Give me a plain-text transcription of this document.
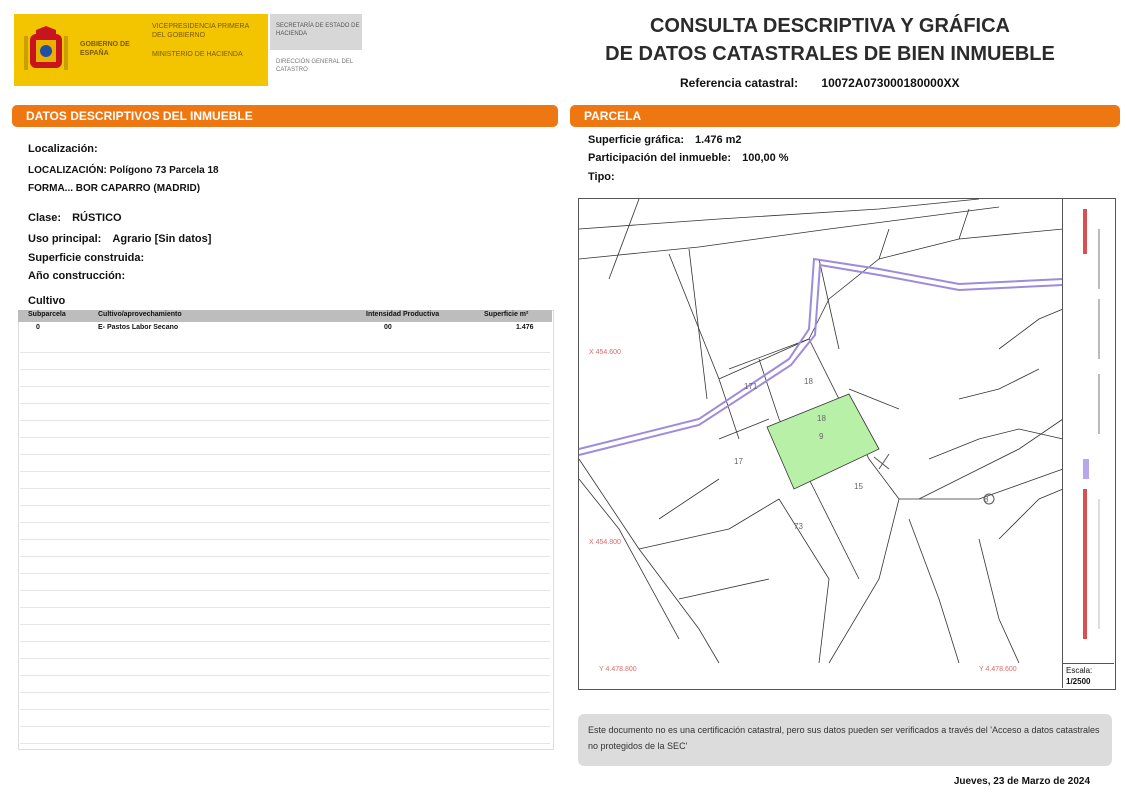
GOBIERNO DE ESPAÑA
VICEPRESIDENCIA PRIMERA DEL GOBIERNO
MINISTERIO DE HACIENDA
SECRETARÍA DE ESTADO DE HACIENDA
DIRECCIÓN GENERAL DEL CATASTRO
CONSULTA DESCRIPTIVA Y GRÁFICA
DE DATOS CATASTRALES DE BIEN INMUEBLE
Referencia catastral: 10072A073000180000XX
DATOS DESCRIPTIVOS DEL INMUEBLE
Localización:
LOCALIZACIÓN: Polígono 73 Parcela 18
FORMA... BOR CAPARRO (MADRID)
Clase: RÚSTICO
Uso principal: Agrario [Sin datos]
Superficie construida:
Año construcción:
Cultivo
Subparcela	Cultivo/aprovechamiento	Intensidad Productiva	Superficie m²
0	E- Pastos Labor Secano	00	1.476
PARCELA
Superficie gráfica: 1.476 m2
Participación del inmueble: 100,00 %
Tipo:
18
9
171
18
17
15
73
8
X 454.600
X 454.800
Y 4.478.800	Y 4.478.600	Escala:
1/2500
Este documento no es una certificación catastral, pero sus datos pueden ser verificados a través del 'Acceso a datos catastrales no protegidos de la SEC'
Jueves, 23 de Marzo de 2024
